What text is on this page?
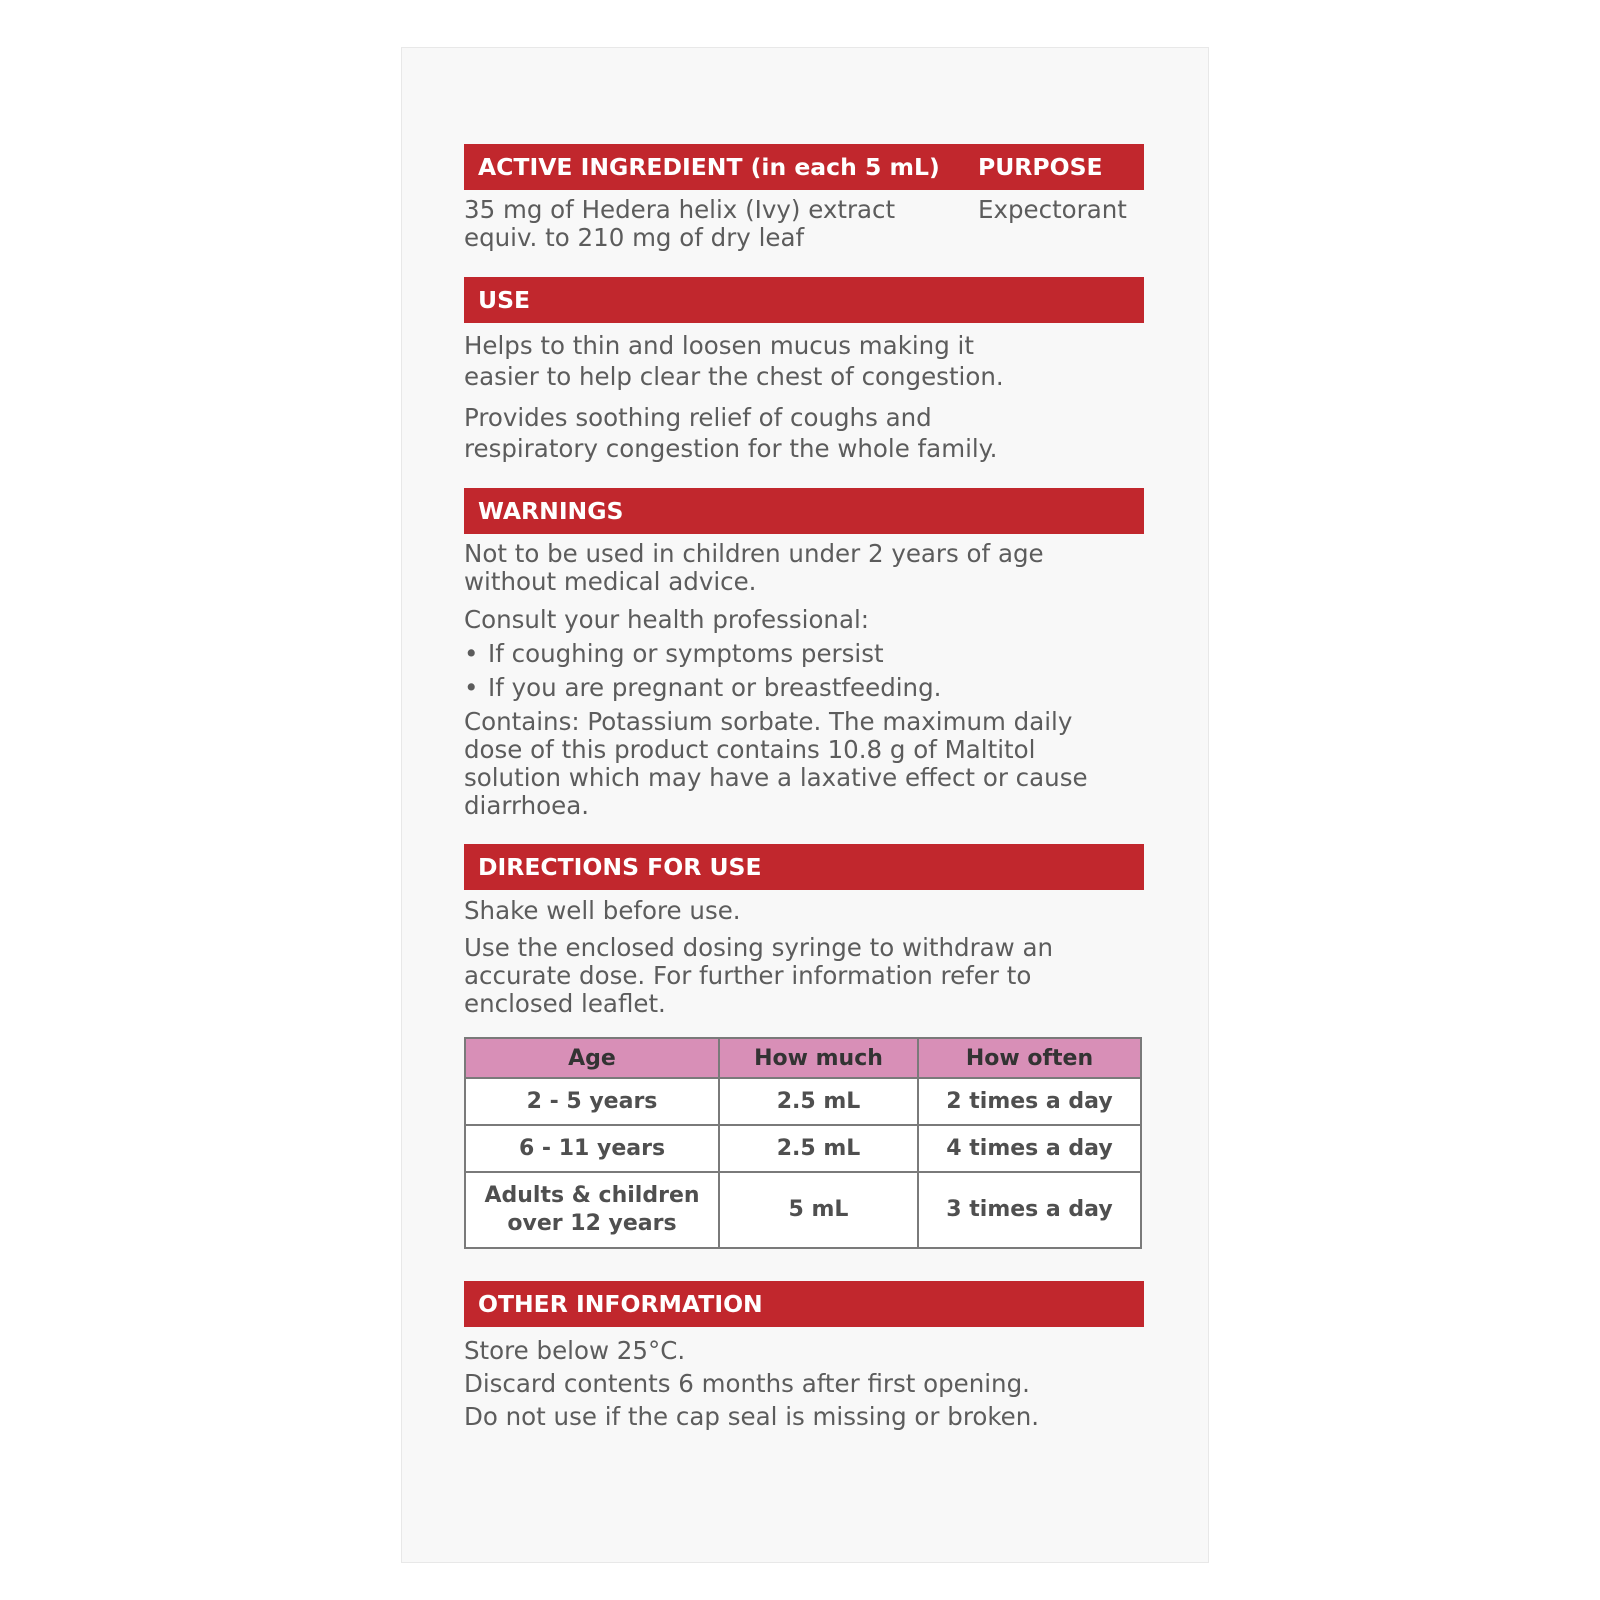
ACTIVE INGREDIENT (in each 5 mL) PURPOSE
35 mg of Hedera helix (Ivy) extract
equiv. to 210 mg of dry leaf
Expectorant
USE
Helps to thin and loosen mucus making it
easier to help clear the chest of congestion.
Provides soothing relief of coughs and
respiratory congestion for the whole family.
WARNINGS
Not to be used in children under 2 years of age
without medical advice.
Consult your health professional:
• If coughing or symptoms persist
• If you are pregnant or breastfeeding.
Contains: Potassium sorbate. The maximum daily
dose of this product contains 10.8 g of Maltitol
solution which may have a laxative effect or cause
diarrhoea.
DIRECTIONS FOR USE
Shake well before use.
Use the enclosed dosing syringe to withdraw an
accurate dose. For further information refer to
enclosed leaflet.
Age	How much	How often
2 - 5 years	2.5 mL	2 times a day
6 - 11 years	2.5 mL	4 times a day

Adults & children
over 12 years	5 mL	3 times a day
OTHER INFORMATION
Store below 25°C.
Discard contents 6 months after first opening.
Do not use if the cap seal is missing or broken.
